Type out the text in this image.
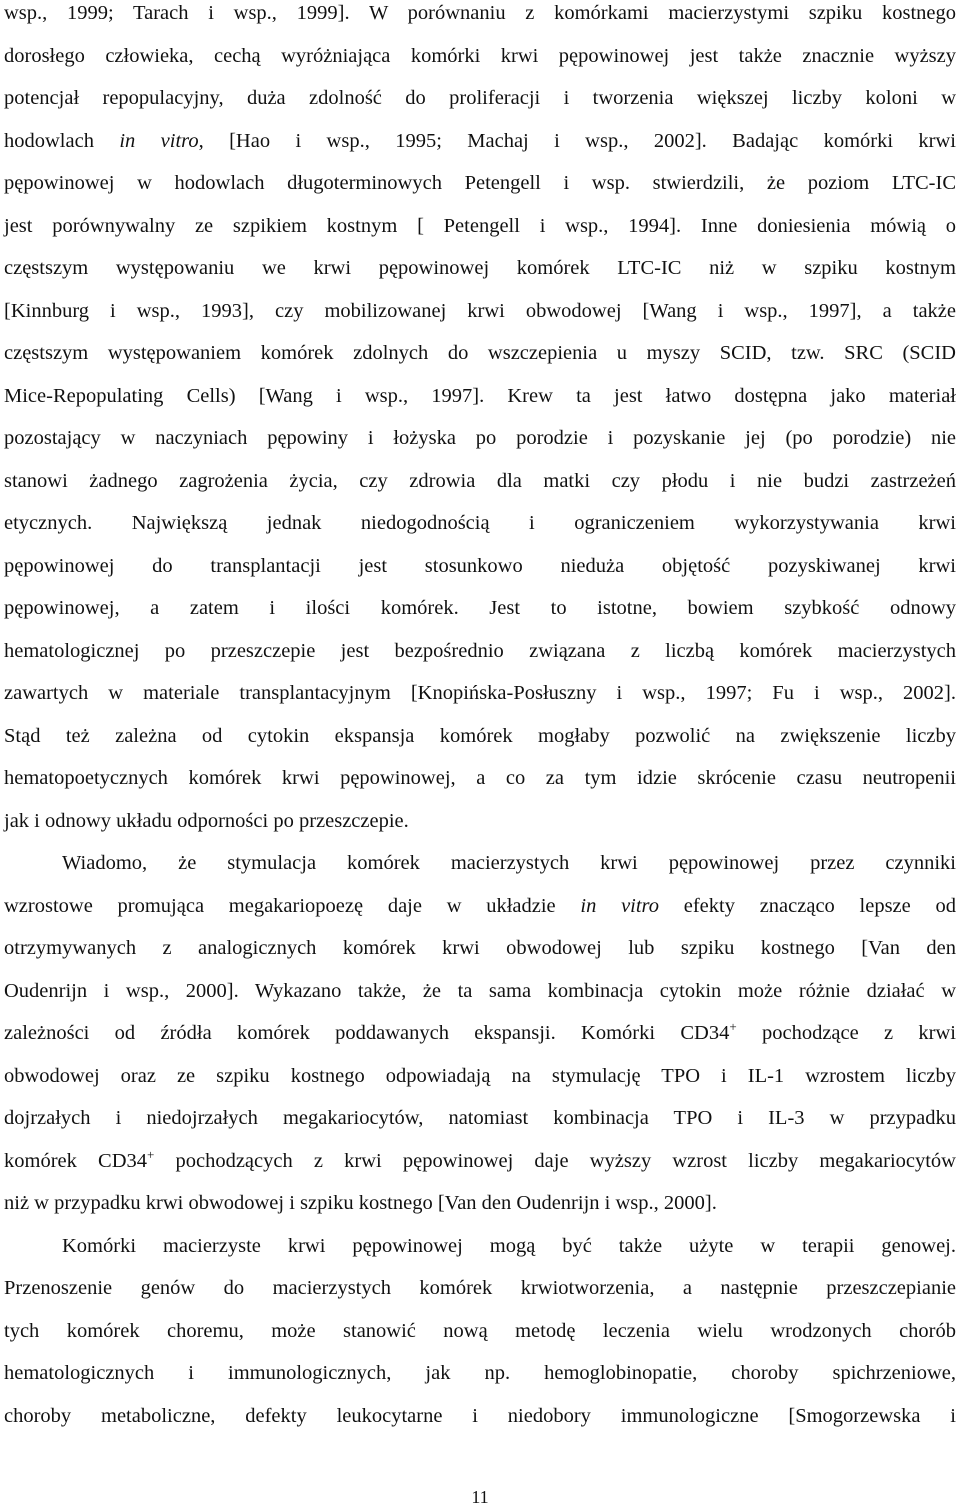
wsp., 1999; Tarach i wsp., 1999]. W porównaniu z komórkami macierzystymi szpiku kostnego
dorosłego człowieka, cechą wyróżniająca komórki krwi pępowinowej jest także znacznie wyższy
potencjał repopulacyjny, duża zdolność do proliferacji i tworzenia większej liczby koloni w
hodowlach in vitro, [Hao i wsp., 1995; Machaj i wsp., 2002]. Badając komórki krwi
pępowinowej w hodowlach długoterminowych Petengell i wsp. stwierdzili, że poziom LTC-IC
jest porównywalny ze szpikiem kostnym [ Petengell i wsp., 1994]. Inne doniesienia mówią o
częstszym występowaniu we krwi pępowinowej komórek LTC-IC niż w szpiku kostnym
[Kinnburg i wsp., 1993], czy mobilizowanej krwi obwodowej [Wang i wsp., 1997], a także
częstszym występowaniem komórek zdolnych do wszczepienia u myszy SCID, tzw. SRC (SCID
Mice-Repopulating Cells) [Wang i wsp., 1997]. Krew ta jest łatwo dostępna jako materiał
pozostający w naczyniach pępowiny i łożyska po porodzie i pozyskanie jej (po porodzie) nie
stanowi żadnego zagrożenia życia, czy zdrowia dla matki czy płodu i nie budzi zastrzeżeń
etycznych. Największą jednak niedogodnością i ograniczeniem wykorzystywania krwi
pępowinowej do transplantacji jest stosunkowo nieduża objętość pozyskiwanej krwi
pępowinowej, a zatem i ilości komórek. Jest to istotne, bowiem szybkość odnowy
hematologicznej po przeszczepie jest bezpośrednio związana z liczbą komórek macierzystych
zawartych w materiale transplantacyjnym [Knopińska-Posłuszny i wsp., 1997; Fu i wsp., 2002].
Stąd też zależna od cytokin ekspansja komórek mogłaby pozwolić na zwiększenie liczby
hematopoetycznych komórek krwi pępowinowej, a co za tym idzie skrócenie czasu neutropenii
jak i odnowy układu odporności po przeszczepie.
Wiadomo, że stymulacja komórek macierzystych krwi pępowinowej przez czynniki
wzrostowe promująca megakariopoezę daje w układzie in vitro efekty znacząco lepsze od
otrzymywanych z analogicznych komórek krwi obwodowej lub szpiku kostnego [Van den
Oudenrijn i wsp., 2000]. Wykazano także, że ta sama kombinacja cytokin może różnie działać w
zależności od źródła komórek poddawanych ekspansji. Komórki CD34+ pochodzące z krwi
obwodowej oraz ze szpiku kostnego odpowiadają na stymulację TPO i IL-1 wzrostem liczby
dojrzałych i niedojrzałych megakariocytów, natomiast kombinacja TPO i IL-3 w przypadku
komórek CD34+ pochodzących z krwi pępowinowej daje wyższy wzrost liczby megakariocytów
niż w przypadku krwi obwodowej i szpiku kostnego [Van den Oudenrijn i wsp., 2000].
Komórki macierzyste krwi pępowinowej mogą być także użyte w terapii genowej.
Przenoszenie genów do macierzystych komórek krwiotworzenia, a następnie przeszczepianie
tych komórek choremu, może stanowić nową metodę leczenia wielu wrodzonych chorób
hematologicznych i immunologicznych, jak np. hemoglobinopatie, choroby spichrzeniowe,
choroby metaboliczne, defekty leukocytarne i niedobory immunologiczne [Smogorzewska i
11
